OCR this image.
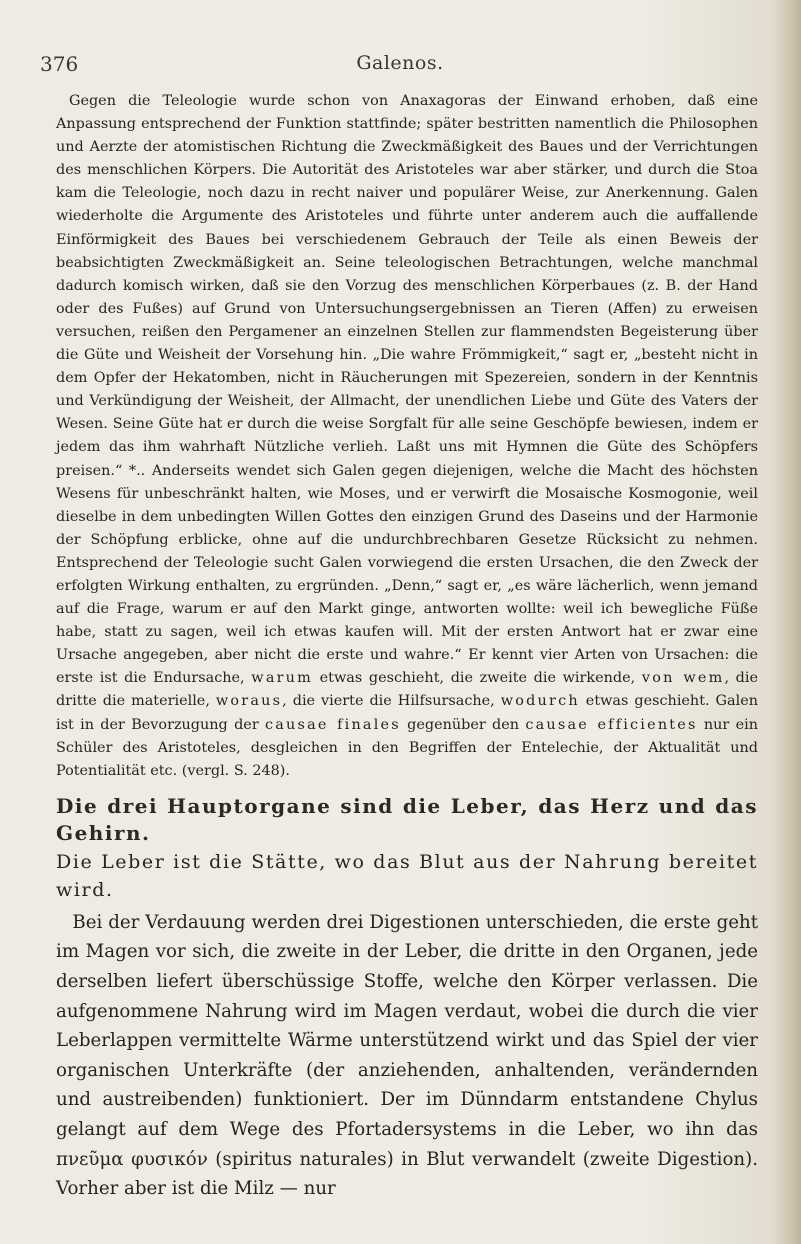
376	Galenos.

Gegen die Teleologie wurde schon von Anaxagoras der Einwand erhoben, daß eine Anpassung entsprechend der Funktion stattfinde; später bestritten namentlich die Philosophen und Aerzte der atomistischen Richtung die Zweckmäßigkeit des Baues und der Verrichtungen des menschlichen Körpers. Die Autorität des Aristoteles war aber stärker, und durch die Stoa kam die Teleologie, noch dazu in recht naiver und populärer Weise, zur Anerkennung. Galen wiederholte die Argumente des Aristoteles und führte unter anderem auch die auffallende Einförmigkeit des Baues bei verschiedenem Gebrauch der Teile als einen Beweis der beabsichtigten Zweckmäßigkeit an. Seine teleologischen Betrachtungen, welche manchmal dadurch komisch wirken, daß sie den Vorzug des menschlichen Körperbaues (z. B. der Hand oder des Fußes) auf Grund von Untersuchungsergebnissen an Tieren (Affen) zu erweisen versuchen, reißen den Pergamener an einzelnen Stellen zur flammendsten Begeisterung über die Güte und Weisheit der Vorsehung hin. „Die wahre Frömmigkeit,“ sagt er, „besteht nicht in dem Opfer der Hekatomben, nicht in Räucherungen mit Spezereien, sondern in der Kenntnis und Verkündigung der Weisheit, der Allmacht, der unendlichen Liebe und Güte des Vaters der Wesen. Seine Güte hat er durch die weise Sorgfalt für alle seine Geschöpfe bewiesen, indem er jedem das ihm wahrhaft Nützliche verlieh. Laßt uns mit Hymnen die Güte des Schöpfers preisen.“ *.. Anderseits wendet sich Galen gegen diejenigen, welche die Macht des höchsten Wesens für unbeschränkt halten, wie Moses, und er verwirft die Mosaische Kosmogonie, weil dieselbe in dem unbedingten Willen Gottes den einzigen Grund des Daseins und der Harmonie der Schöpfung erblicke, ohne auf die undurchbrechbaren Gesetze Rücksicht zu nehmen. Entsprechend der Teleologie sucht Galen vorwiegend die ersten Ursachen, die den Zweck der erfolgten Wirkung enthalten, zu ergründen. „Denn,“ sagt er, „es wäre lächerlich, wenn jemand auf die Frage, warum er auf den Markt ginge, antworten wollte: weil ich bewegliche Füße habe, statt zu sagen, weil ich etwas kaufen will. Mit der ersten Antwort hat er zwar eine Ursache angegeben, aber nicht die erste und wahre.“ Er kennt vier Arten von Ursachen: die erste ist die Endursache, warum etwas geschieht, die zweite die wirkende, von wem, die dritte die materielle, woraus, die vierte die Hilfsursache, wodurch etwas geschieht. Galen ist in der Bevorzugung der causae finales gegenüber den causae efficientes nur ein Schüler des Aristoteles, desgleichen in den Begriffen der Entelechie, der Aktualität und Potentialität etc. (vergl. S. 248).

Die drei Hauptorgane sind die Leber, das Herz und das Gehirn.

Die Leber ist die Stätte, wo das Blut aus der Nahrung bereitet wird.

Bei der Verdauung werden drei Digestionen unterschieden, die erste geht im Magen vor sich, die zweite in der Leber, die dritte in den Organen, jede derselben liefert überschüssige Stoffe, welche den Körper verlassen. Die aufgenommene Nahrung wird im Magen verdaut, wobei die durch die vier Leberlappen vermittelte Wärme unterstützend wirkt und das Spiel der vier organischen Unterkräfte (der anziehenden, anhaltenden, verändernden und austreibenden) funktioniert. Der im Dünndarm entstandene Chylus gelangt auf dem Wege des Pfortadersystems in die Leber, wo ihn das πνεῦμα φυσικόν (spiritus naturales) in Blut verwandelt (zweite Digestion). Vorher aber ist die Milz — nur
